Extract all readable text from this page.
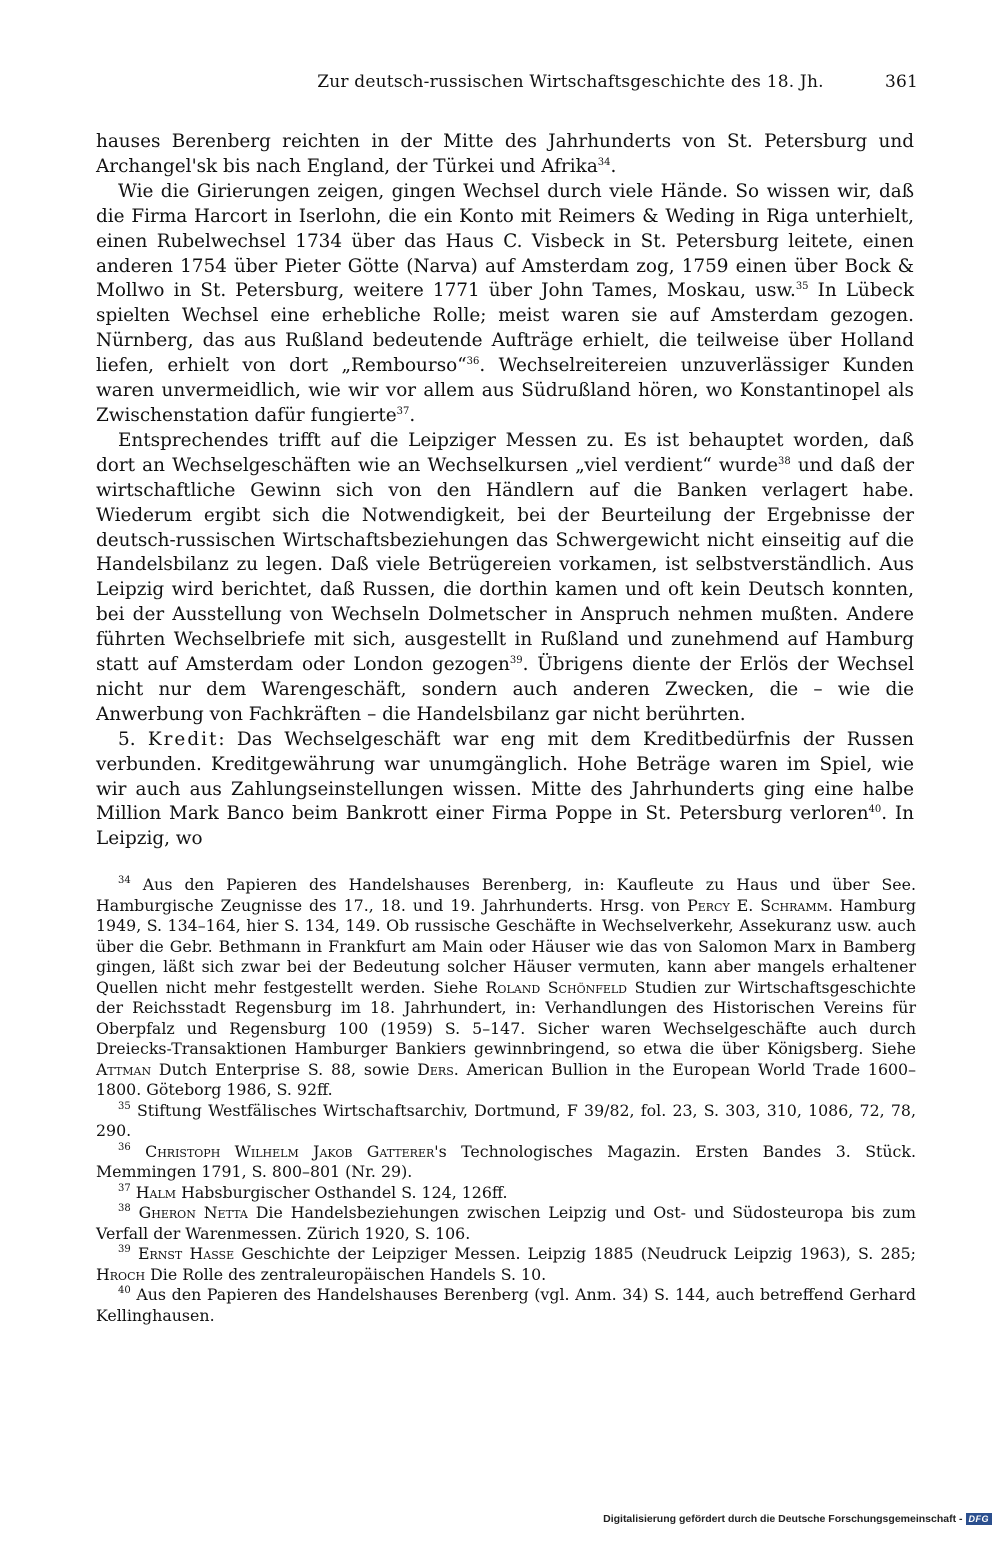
Zur deutsch-russischen Wirtschaftsgeschichte des 18. Jh.	361

hauses Berenberg reichten in der Mitte des Jahrhunderts von St. Petersburg und Archangel'sk bis nach England, der Türkei und Afrika$^{34}$.

Wie die Girierungen zeigen, gingen Wechsel durch viele Hände. So wissen wir, daß die Firma Harcort in Iserlohn, die ein Konto mit Reimers & Weding in Riga unterhielt, einen Rubelwechsel 1734 über das Haus C. Visbeck in St. Petersburg leitete, einen anderen 1754 über Pieter Götte (Narva) auf Amsterdam zog, 1759 einen über Bock & Mollwo in St. Petersburg, weitere 1771 über John Tames, Moskau, usw.$^{35}$ In Lübeck spielten Wechsel eine erhebliche Rolle; meist waren sie auf Amsterdam gezogen. Nürnberg, das aus Rußland bedeutende Aufträge erhielt, die teilweise über Holland liefen, erhielt von dort „Rembourso“$^{36}$. Wechselreitereien unzuverlässiger Kunden waren unvermeidlich, wie wir vor allem aus Südrußland hören, wo Konstantinopel als Zwischenstation dafür fungierte$^{37}$.

Entsprechendes trifft auf die Leipziger Messen zu. Es ist behauptet worden, daß dort an Wechselgeschäften wie an Wechselkursen „viel verdient“ wurde$^{38}$ und daß der wirtschaftliche Gewinn sich von den Händlern auf die Banken verlagert habe. Wiederum ergibt sich die Notwendigkeit, bei der Beurteilung der Ergebnisse der deutsch-russischen Wirtschaftsbeziehungen das Schwergewicht nicht einseitig auf die Handelsbilanz zu legen. Daß viele Betrügereien vorkamen, ist selbstverständlich. Aus Leipzig wird berichtet, daß Russen, die dorthin kamen und oft kein Deutsch konnten, bei der Ausstellung von Wechseln Dolmetscher in Anspruch nehmen mußten. Andere führten Wechselbriefe mit sich, ausgestellt in Rußland und zunehmend auf Hamburg statt auf Amsterdam oder London gezogen$^{39}$. Übrigens diente der Erlös der Wechsel nicht nur dem Warengeschäft, sondern auch anderen Zwecken, die – wie die Anwerbung von Fachkräften – die Handelsbilanz gar nicht berührten.

5. Kredit: Das Wechselgeschäft war eng mit dem Kreditbedürfnis der Russen verbunden. Kreditgewährung war unumgänglich. Hohe Beträge waren im Spiel, wie wir auch aus Zahlungseinstellungen wissen. Mitte des Jahrhunderts ging eine halbe Million Mark Banco beim Bankrott einer Firma Poppe in St. Petersburg verloren$^{40}$. In Leipzig, wo

$^{34}$ Aus den Papieren des Handelshauses Berenberg, in: Kaufleute zu Haus und über See. Hamburgische Zeugnisse des 17., 18. und 19. Jahrhunderts. Hrsg. von Percy E. Schramm. Hamburg 1949, S. 134–164, hier S. 134, 149. Ob russische Geschäfte in Wechselverkehr, Assekuranz usw. auch über die Gebr. Bethmann in Frankfurt am Main oder Häuser wie das von Salomon Marx in Bamberg gingen, läßt sich zwar bei der Bedeutung solcher Häuser vermuten, kann aber mangels erhaltener Quellen nicht mehr festgestellt werden. Siehe Roland Schönfeld Studien zur Wirtschaftsgeschichte der Reichsstadt Regensburg im 18. Jahrhundert, in: Verhandlungen des Historischen Vereins für Oberpfalz und Regensburg 100 (1959) S. 5–147. Sicher waren Wechselgeschäfte auch durch Dreiecks-Transaktionen Hamburger Bankiers gewinnbringend, so etwa die über Königsberg. Siehe Attman Dutch Enterprise S. 88, sowie Ders. American Bullion in the European World Trade 1600–1800. Göteborg 1986, S. 92ff.

$^{35}$ Stiftung Westfälisches Wirtschaftsarchiv, Dortmund, F 39/82, fol. 23, S. 303, 310, 1086, 72, 78, 290.

$^{36}$ Christoph Wilhelm Jakob Gatterer's Technologisches Magazin. Ersten Bandes 3. Stück. Memmingen 1791, S. 800–801 (Nr. 29).

$^{37}$ Halm Habsburgischer Osthandel S. 124, 126ff.

$^{38}$ Gheron Netta Die Handelsbeziehungen zwischen Leipzig und Ost- und Südosteuropa bis zum Verfall der Warenmessen. Zürich 1920, S. 106.

$^{39}$ Ernst Hasse Geschichte der Leipziger Messen. Leipzig 1885 (Neudruck Leipzig 1963), S. 285; Hroch Die Rolle des zentraleuropäischen Handels S. 10.

$^{40}$ Aus den Papieren des Handelshauses Berenberg (vgl. Anm. 34) S. 144, auch betreffend Gerhard Kellinghausen.

Digitalisierung gefördert durch die Deutsche Forschungsgemeinschaft - DFG
